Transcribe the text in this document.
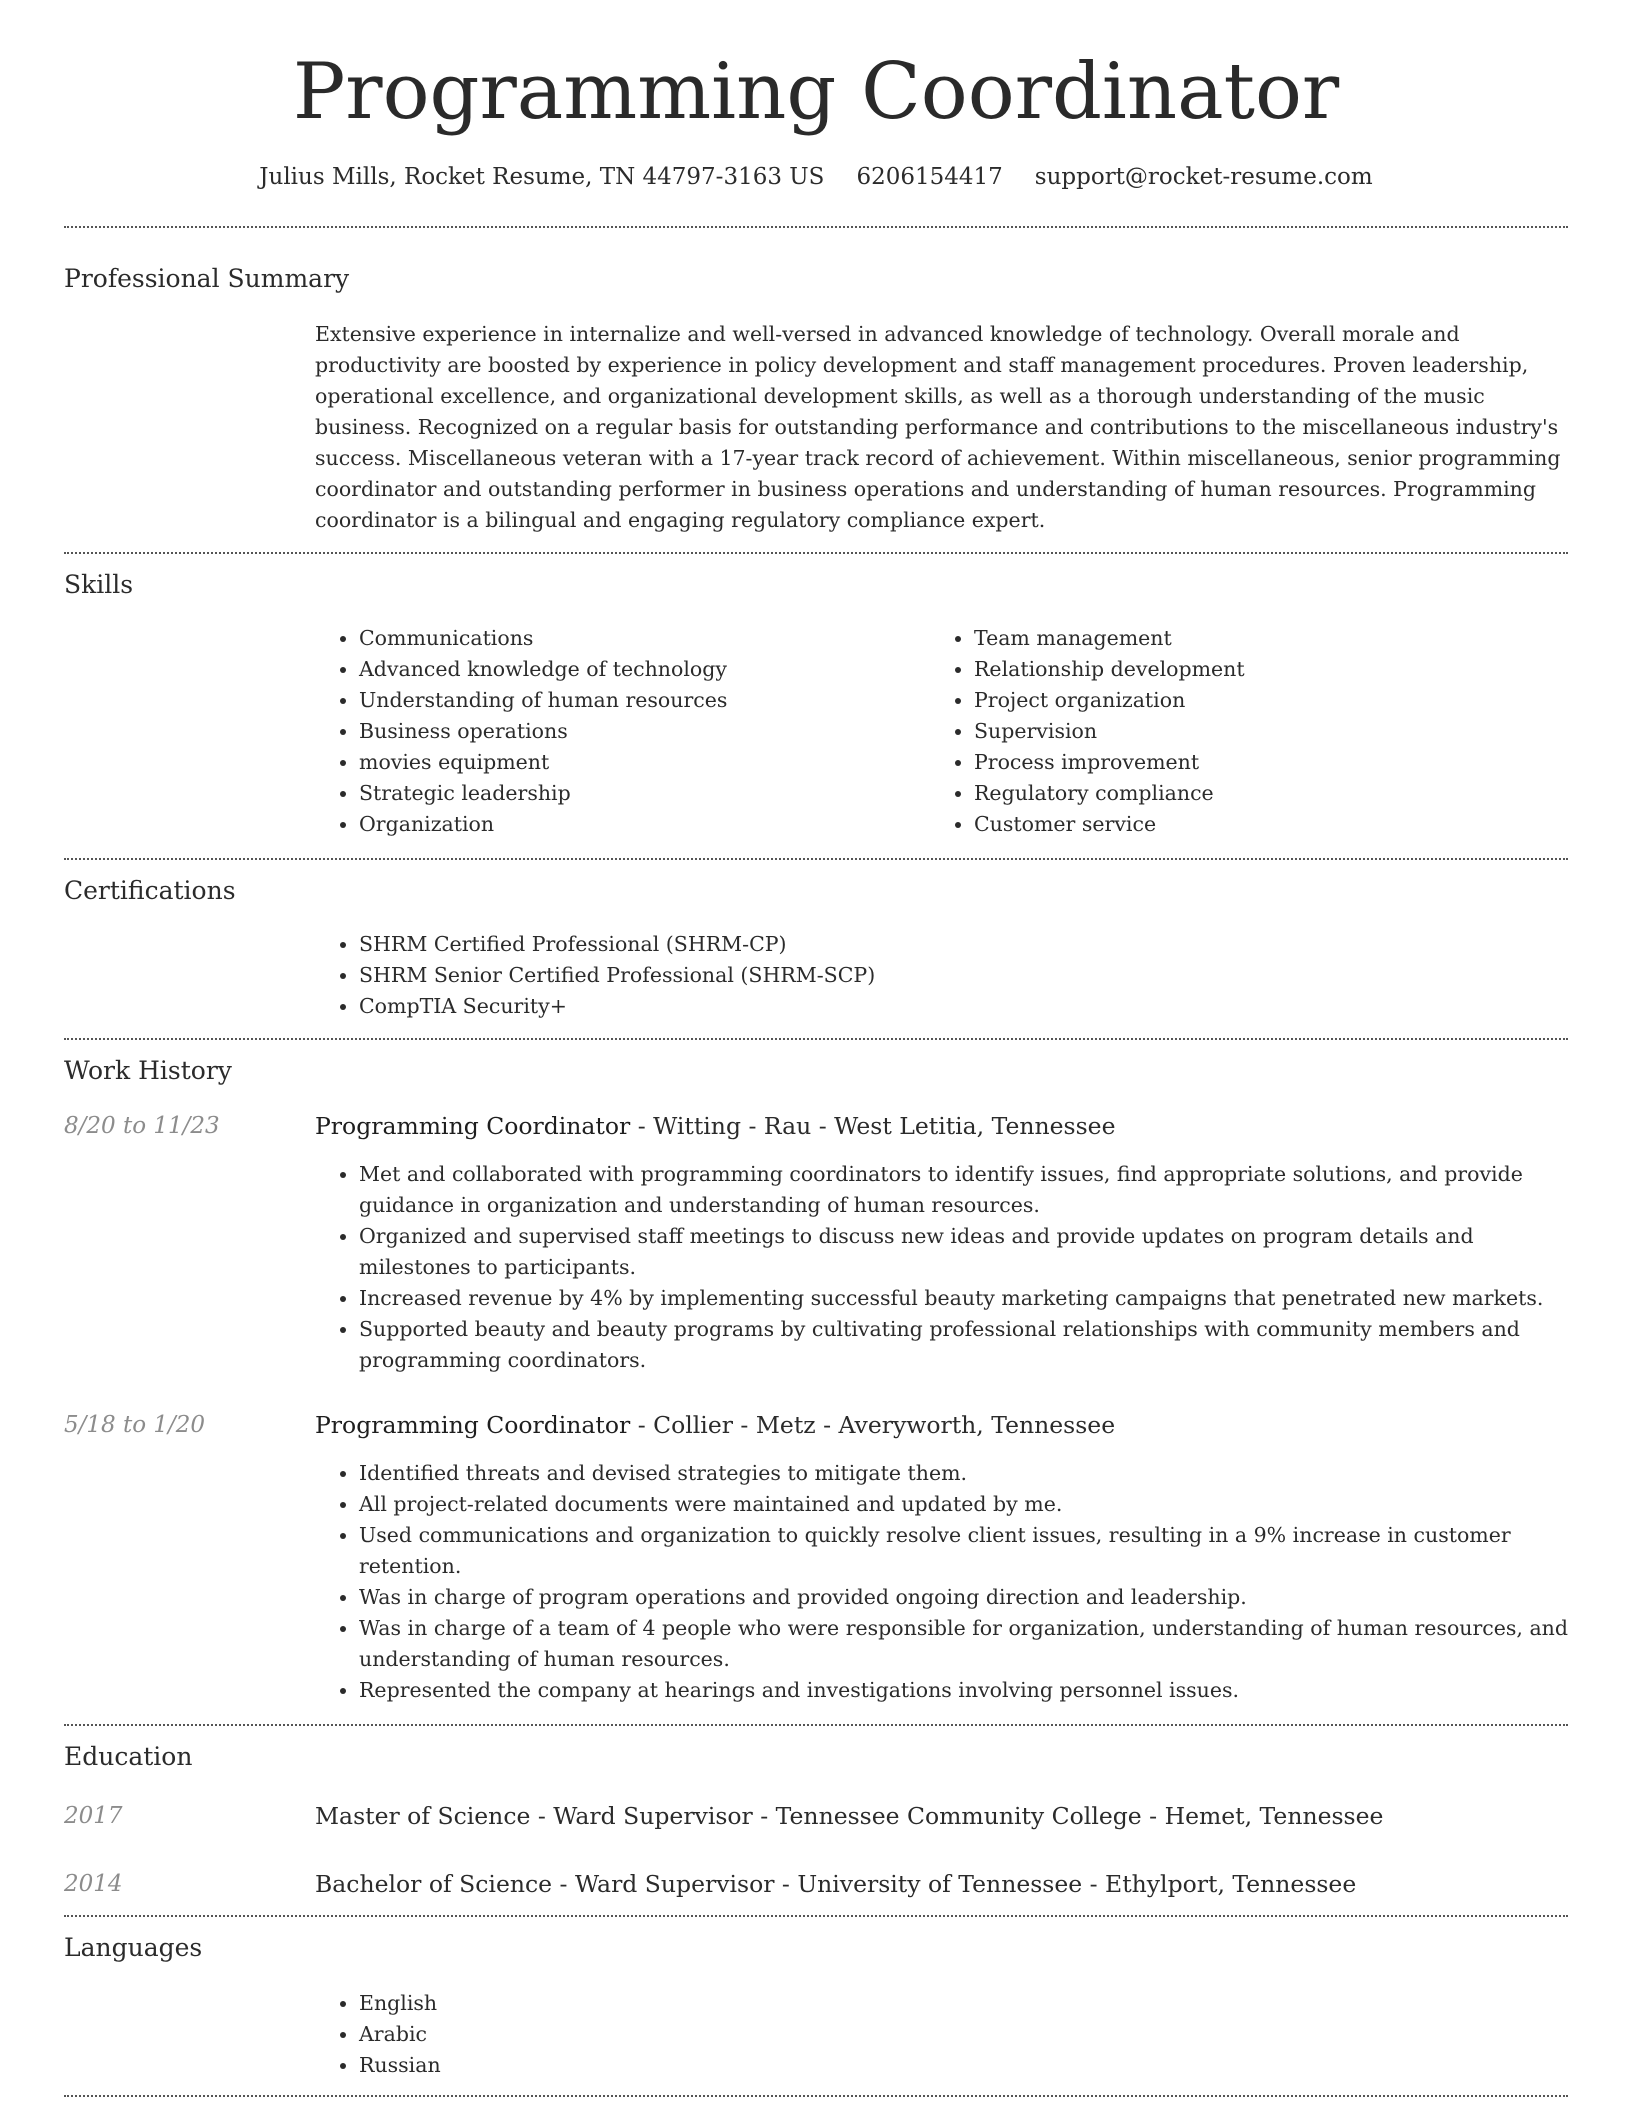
Programming Coordinator
Julius Mills, Rocket Resume, TN 44797-3163 US 6206154417 support@rocket-resume.com
Professional Summary

Extensive experience in internalize and well-versed in advanced knowledge of technology. Overall morale and productivity are boosted by experience in policy development and staff management procedures. Proven leadership, operational excellence, and organizational development skills, as well as a thorough understanding of the music business. Recognized on a regular basis for outstanding performance and contributions to the miscellaneous industry's success. Miscellaneous veteran with a 17-year track record of achievement. Within miscellaneous, senior programming coordinator and outstanding performer in business operations and understanding of human resources. Programming coordinator is a bilingual and engaging regulatory compliance expert.

Skills
• Communications
• Advanced knowledge of technology
• Understanding of human resources
• Business operations
• movies equipment
• Strategic leadership
• Organization
• Team management
• Relationship development
• Project organization
• Supervision
• Process improvement
• Regulatory compliance
• Customer service
Certifications
• SHRM Certified Professional (SHRM-CP)
• SHRM Senior Certified Professional (SHRM-SCP)
• CompTIA Security+
Work History
8/20 to 11/23	Programming Coordinator - Witting - Rau - West Letitia, Tennessee
• Met and collaborated with programming coordinators to identify issues, find appropriate solutions, and provide guidance in organization and understanding of human resources.
• Organized and supervised staff meetings to discuss new ideas and provide updates on program details and milestones to participants.
• Increased revenue by 4% by implementing successful beauty marketing campaigns that penetrated new markets.
• Supported beauty and beauty programs by cultivating professional relationships with community members and programming coordinators.
5/18 to 1/20	Programming Coordinator - Collier - Metz - Averyworth, Tennessee
• Identified threats and devised strategies to mitigate them.
• All project-related documents were maintained and updated by me.
• Used communications and organization to quickly resolve client issues, resulting in a 9% increase in customer retention.
• Was in charge of program operations and provided ongoing direction and leadership.
• Was in charge of a team of 4 people who were responsible for organization, understanding of human resources, and understanding of human resources.
• Represented the company at hearings and investigations involving personnel issues.
Education
2017	Master of Science - Ward Supervisor - Tennessee Community College - Hemet, Tennessee
2014	Bachelor of Science - Ward Supervisor - University of Tennessee - Ethylport, Tennessee
Languages
• English
• Arabic
• Russian
